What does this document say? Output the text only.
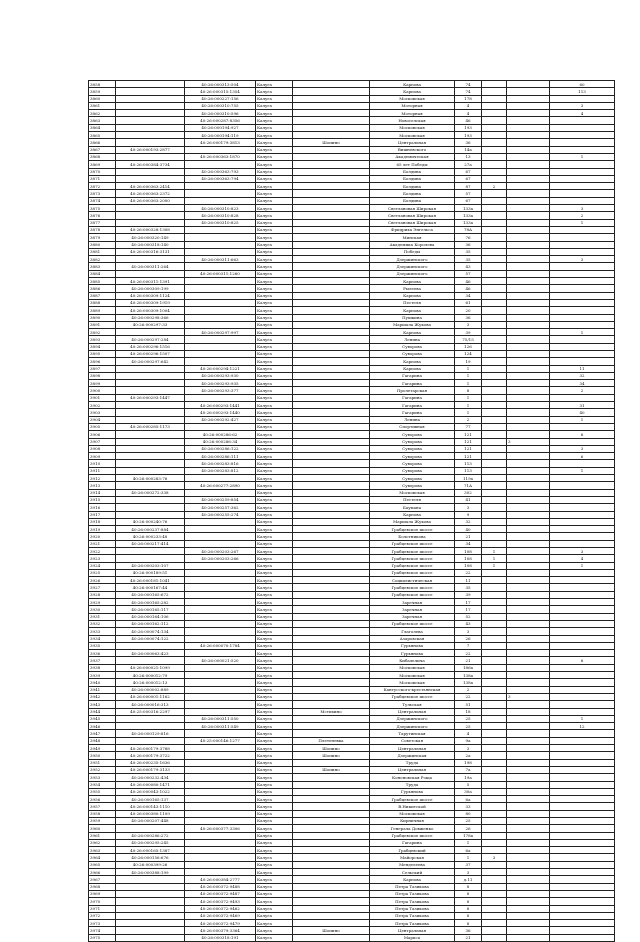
3858		40:26:000313:504	Калуга		Карпова	74			60
3859		40:26:000315:1354	Калуга		Карпова	74			113
3860		40:26:000227:156	Калуга		Московская	178			
3861		40:26:000310:755	Калуга		Моторная	4			3
3862		40:26:000310:596	Калуга		Моторная	4			4
3863		40:26:000287:8356	Калуга		Новоселская	46			
3864		40:26:000194:927	Калуга		Московская	193			
3865		40:26:000194:119	Калуга		Московская	193			
3866		40:26:000179:3813	Калуга	Шопино	Центральная	36			
3867	40:26:000193:2877		Калуга		Вишневского	14а			
3868		40:26:000363:1870	Калуга		Академическая	13			1
3869	40:26:000384:3734		Калуга		65 лет Победы	27а			
3870		40:26:000363:793	Калуга		Болдина	67			
3871		40:26:000363:794	Калуга		Болдина	67			
3872	40:26:000363:2414		Калуга		Болдина	87	2		
3873	40:26:000363:2372		Калуга		Болдина	57			
3874	40:26:000363:2000		Калуга		Болдина	67			
3875		40:26:000310:823	Калуга		Светлановая Широкая	133а			3
3876		40:26:000310:828	Калуга		Светлановая Широкая	133а			2
3877		40:26:000310:825	Калуга		Светлановая Широкая	133а			1
3878	40:26:000328:1308		Калуга		Фридриха Энгельса	78А			
3879	40:26:000320:149		Калуга		Минская	76			
3880	40:26:000318:140		Калуга		Академика Королева	36			
3881	40:26:000316:3131		Калуга		Победы	35			
3882		40:26:000311:663	Калуга		Дзержинского	35			3
3883	40:26:000311:264		Калуга		Дзержинского	43			
3884		40:26:000311:1260	Калуга		Дзержинского	57			
3885	40:26:000311:1391		Калуга		Карпова	46			
3886	40:26:000309:199		Калуга		Рылеева	46			
3887	40:26:000309:1124		Калуга		Карпова	34			
3888	40:26:000309:1919		Калуга		Пестеля	61			
3889	40:26:000309:1004		Калуга		Карпова	20			
3890	40:26:000298:366		Калуга		Пушкина	36			
3891	40:26:000297:33		Калуга		Маршала Жукова	3			
3892		40:26:000297:997	Калуга		Карпова	39			1
3893	40:26:000297:284		Калуга		Ленина	75/15			
3894	40:26:000296:1516		Калуга		Суворова	126			
3895	40:26:000296:1507		Калуга		Суворова	124			
3896	40:26:000297:642		Калуга		Карпова	19			
3897		40:26:000294:1221	Калуга		Карпова	1			11
3898		40:26:000293:930	Калуга		Гагарина	1			32
3899		40:26:000293:935	Калуга		Гагарина	1			34
3900		40:26:000293:377	Калуга		Пролетарская	8			2
3901	40:26:000293:1447		Калуга		Гагарина	1			
3902		40:26:000293:1441	Калуга		Гагарина	1			31
3903		40:26:000293:1440	Калуга		Гагарина	1			40
3904		40:26:000292:427	Калуга		Ленина	2			1
3905	40:26:000285:1173		Калуга		Спортивная	77			
3906		40:26:000286:62	Калуга		Суворова	121			6
3907		40:26:000286:34	Калуга		Суворова	121		3	
3908		40:26:000286:122	Калуга		Суворова	121			3
3909		40:26:000286:111	Калуга		Суворова	121			6
3910		40:26:000283:816	Калуга		Суворова	113			
3911		40:26:000283:812	Калуга		Суворова	113			1
3912	40:26:000283:76		Калуга		Суворова	119а			
3913		40:26:000277:2890	Калуга		Суворова	71А			
3914	40:26:000272:338		Калуга		Московская	302			
3915		40:26:000259:854	Калуга		Пестеля	41			
3916		40:26:000257:362	Калуга		Баумана	3			
3917		40:26:000255:274	Калуга		Карпова	9			
3918	40:26:000240:76		Калуга		Маршала Жукова	32			
3919	40:26:000237:884		Калуга		Грабцевское шоссе	40			
3920	40:26:000233:48		Калуга		Болотникова	21			
3921	40:26:000217:414		Калуга		Грабцевское шоссе	34			
3922		40:26:000203:267	Калуга		Грабцевское шоссе	108	1		3
3923		40:26:000203:266	Калуга		Грабцевское шоссе	108	1		4
3924	40:26:000203:107		Калуга		Грабцевское шоссе	108	1		1
3925	40:26:000189:51		Калуга		Грабцевское шоссе	22			
3926	40:26:000181:1041		Калуга		Социалистическая	11			
3927	40:26:000167:44		Калуга		Грабцевское шоссе	35			
3928	40:26:000165:672		Калуга		Грабцевское шоссе	39			
3929	40:26:000165:282		Калуга		Заречная	17			
3930	40:26:000165:117		Калуга		Заречная	17			
3931	40:26:000164:106		Калуга		Заречная	52			
3932	40:26:000162:112		Калуга		Грабцевское шоссе	43			
3933	40:26:000074:134		Калуга		Глаголева	3			
3934	40:26:000074:122		Калуга		Азаровская	26			
3935		40:26:000070:1784	Калуга		Гурьянова	7			
3936	40:26:000063:423		Калуга		Гурьянова	22			
3937		40:26:000021:520	Калуга		Кибальчича	21			6
3938	40:26:000021:1099		Калуга		Московская	186а			
3939	40:26:000012:79		Калуга		Московская	138а			
3940	40:26:000012:13		Калуга		Московская	138а			
3941	40:26:000002:889		Калуга		Кантусского-крестьянская	2			
3942	40:26:000001:1162		Калуга		Грабцевское шоссе	22		3	
3943	40:26:000016:313		Калуга		Тульская	51			
3944	40:25:000316:2297		Калуга	Мстихино	Центральная	18			
3945		40:26:000311:550	Калуга		Дзержинского	25			1
3946		40:26:000311:549	Калуга		Дзержинского	25			12
3947	40:26:000129:816		Калуга		Тарутинская	4			
3948		40:25:000146:1277	Калуга	Плетеневка	Советская	9а			
3949	40:26:000179:3788		Калуга	Шопино	Центральная	3			
3950	40:26:000179:3722		Калуга	Шопино	Дзержинская	2а			
3951	40:26:000235:1636		Калуга		Труда	198			
3952	40:26:000179:3133		Калуга	Шопино	Центральная	7а			
3953	40:26:000232:434		Калуга		Кононовская Роща	19а			
3954	40:26:000080:1471		Калуга		Труда	5			
3955	40:26:000043:1022		Калуга		Гурьянова	30а			
3956	40:26:000165:137		Калуга		Грабцевское шоссе	6а			
3957	40:26:000143:1110		Калуга		В.Никитской	33			
3958	40:26:000380:1109		Калуга		Московская	80			
3959	40:26:000207:448		Калуга		Кирпичная	25			
3960		40:26:000377:3306	Калуга		Генерала Довженко	26			
3961	40:26:000286:272		Калуга		Грабцевское шоссе	178а			
3962	40:26:000295:245		Калуга		Гагарина	1			
3963	40:26:000165:1387		Калуга		Грабцевский	6а			
3964	40:26:000156:676		Калуга		Майорская	1	3		
3965	40:26:000399:26		Калуга		Менделеева	37			
3966	40:26:000388:199		Калуга		Сельский	3			
3967		40:26:000384:2777	Калуга		Карпова	д.11			
3968		40:26:000372:9488	Калуга		Петра Тазикова	8			
3969		40:26:000372:9487	Калуга		Петра Тазикова	8			
3970		40:26:000372:9493	Калуга		Петра Тазикова	8			
3971		40:26:000372:9462	Калуга		Петра Тазикова	8			
3972		40:26:000372:9469	Калуга		Петра Тазикова	8			
3973		40:26:000372:9479	Калуга		Петра Тазикова	8			
3974		40:26:000379:3364	Калуга	Шопино	Центральная	36			
3975		40:26:000318:191	Калуга		Маркса	21			
